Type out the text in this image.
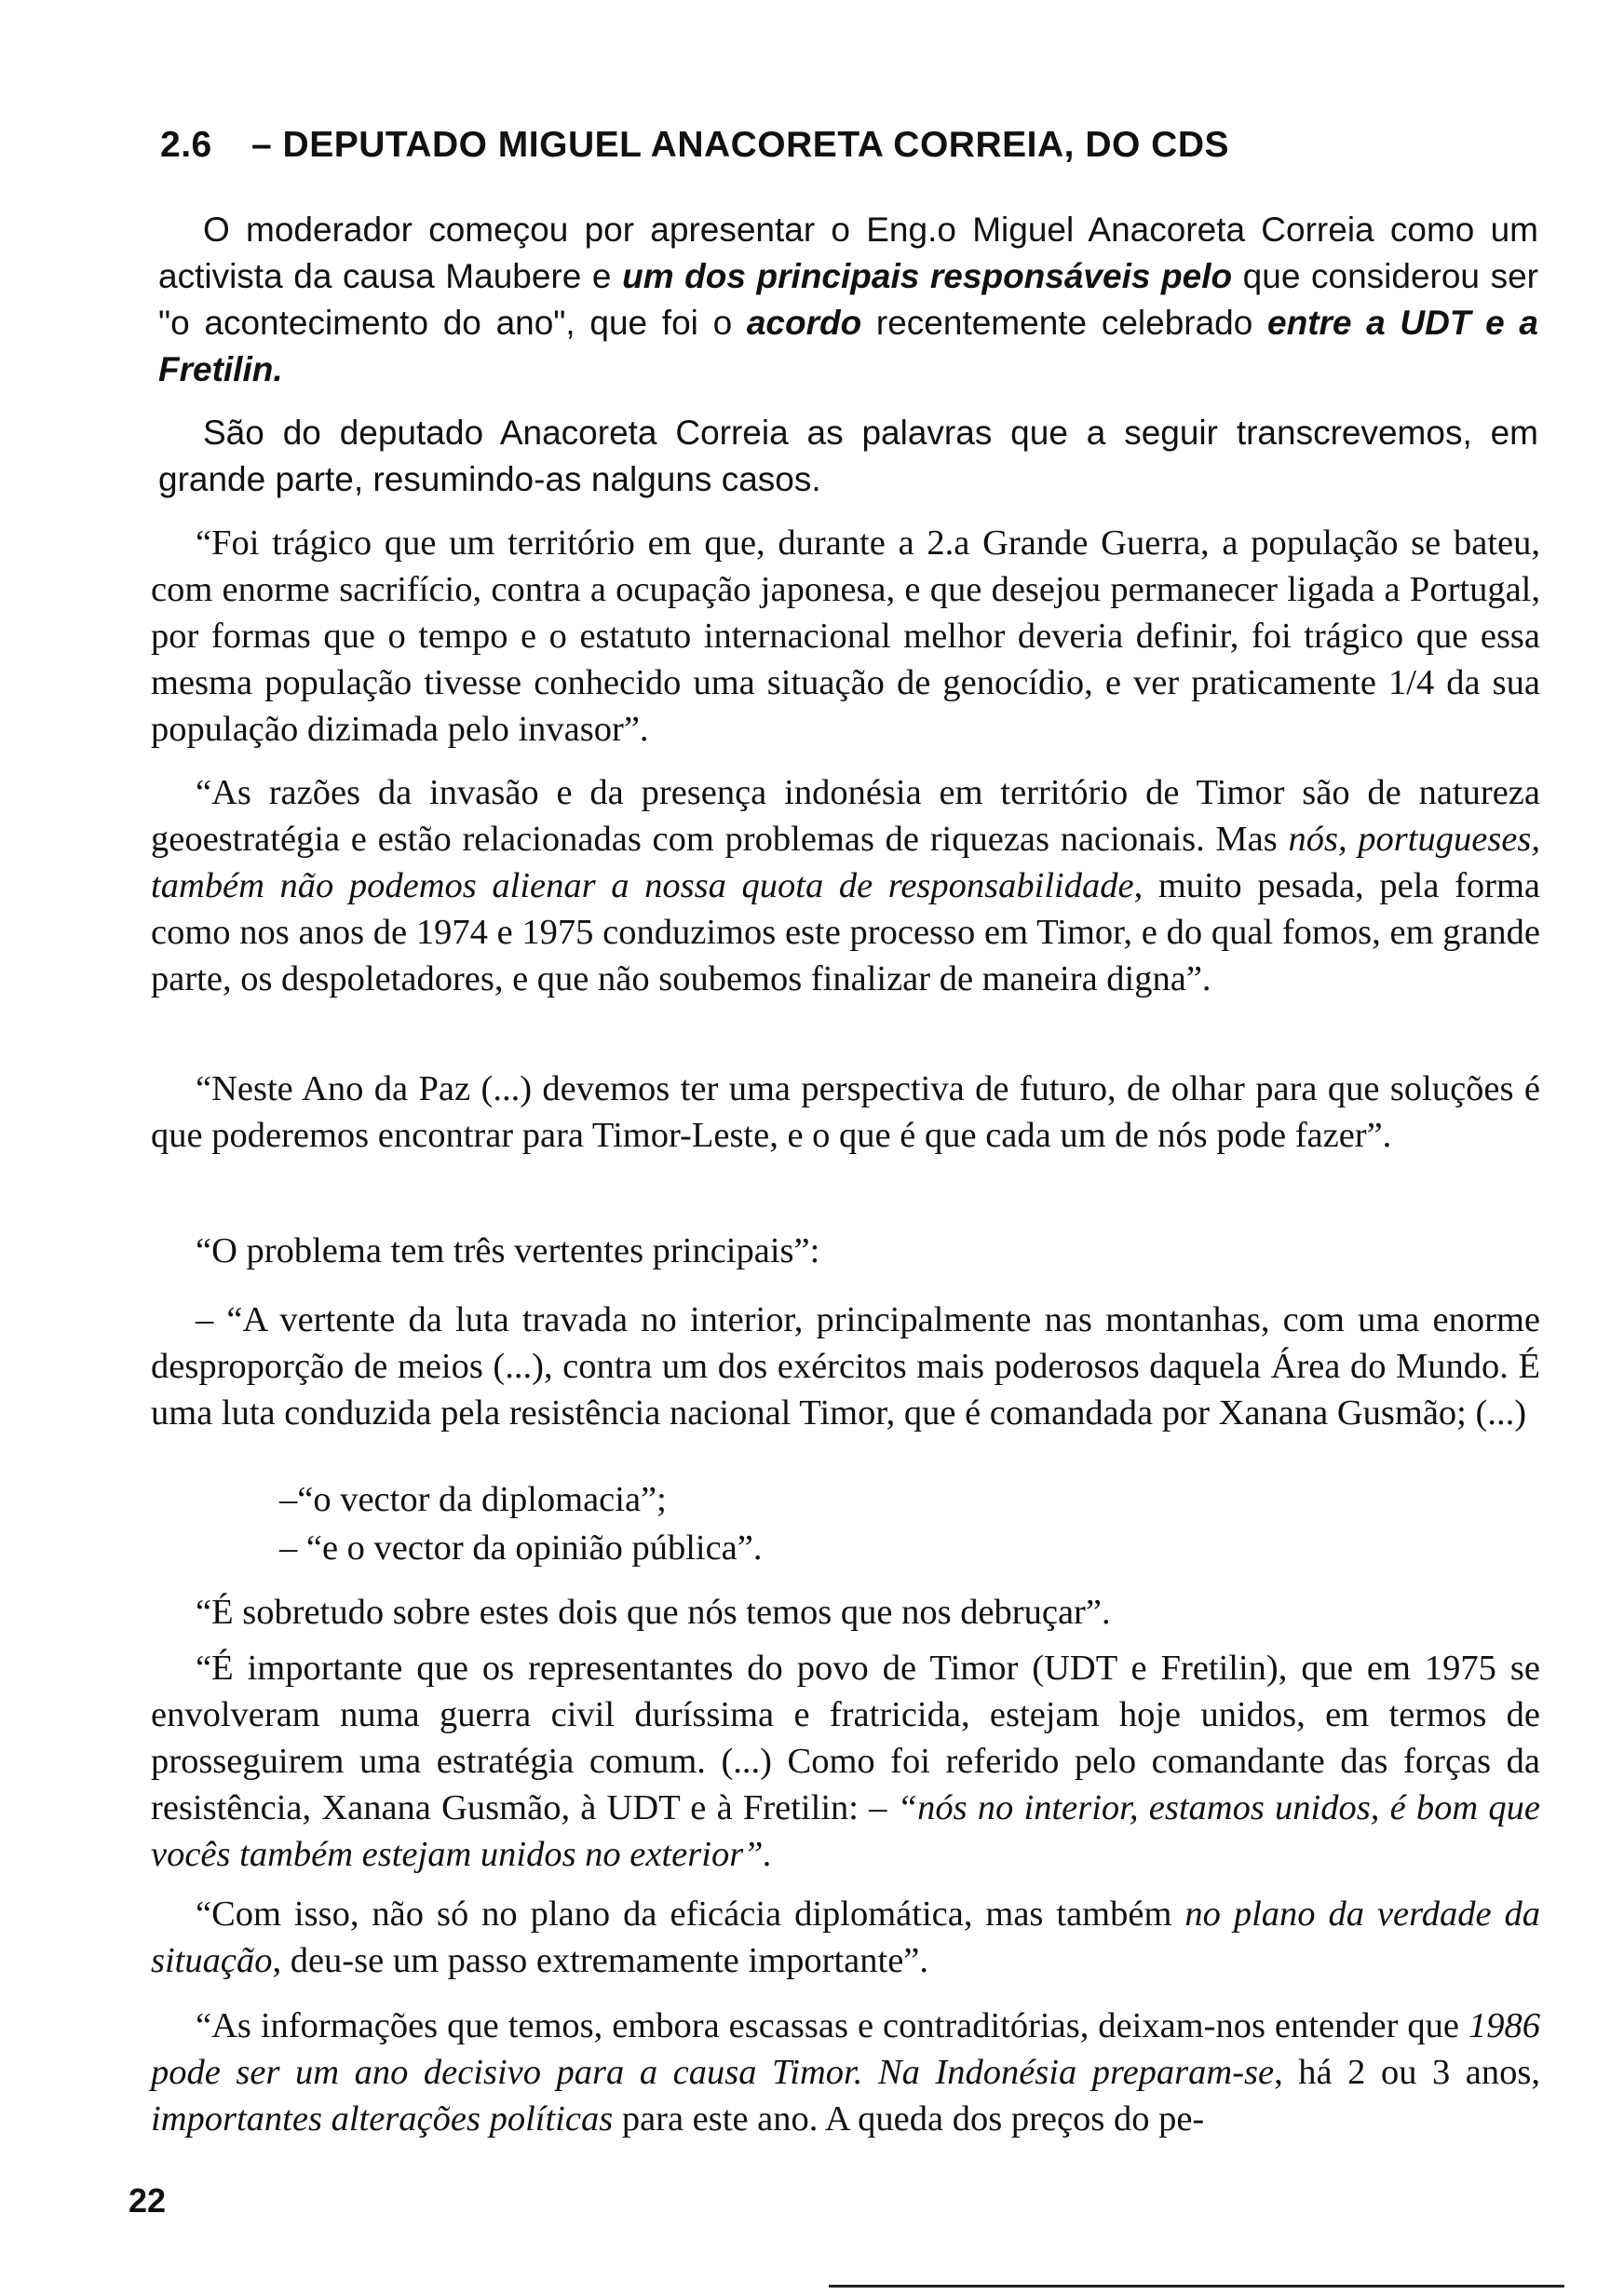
2.6 – DEPUTADO MIGUEL ANACORETA CORREIA, DO CDS

O moderador começou por apresentar o Eng.o Miguel Anacoreta Correia como um activista da causa Maubere e um dos principais responsáveis pelo que considerou ser "o acontecimento do ano", que foi o acordo recentemente celebrado entre a UDT e a Fretilin.

São do deputado Anacoreta Correia as palavras que a seguir transcrevemos, em grande parte, resumindo-as nalguns casos.

“Foi trágico que um território em que, durante a 2.a Grande Guerra, a população se bateu, com enorme sacrifício, contra a ocupação japonesa, e que desejou permanecer ligada a Portugal, por formas que o tempo e o estatuto internacional melhor deveria definir, foi trágico que essa mesma população tivesse conhecido uma situação de genocídio, e ver praticamente 1/4 da sua população dizimada pelo invasor”.

“As razões da invasão e da presença indonésia em território de Timor são de natureza geoestratégia e estão relacionadas com problemas de riquezas nacionais. Mas nós, portugueses, também não podemos alienar a nossa quota de responsabilidade, muito pesada, pela forma como nos anos de 1974 e 1975 conduzimos este processo em Timor, e do qual fomos, em grande parte, os despoletadores, e que não soubemos finalizar de maneira digna”.

“Neste Ano da Paz (...) devemos ter uma perspectiva de futuro, de olhar para que soluções é que poderemos encontrar para Timor-Leste, e o que é que cada um de nós pode fazer”.

“O problema tem três vertentes principais”:

– “A vertente da luta travada no interior, principalmente nas montanhas, com uma enorme desproporção de meios (...), contra um dos exércitos mais poderosos daquela Área do Mundo. É uma luta conduzida pela resistência nacional Timor, que é comandada por Xanana Gusmão; (...)

–“o vector da diplomacia”;
– “e o vector da opinião pública”.

“É sobretudo sobre estes dois que nós temos que nos debruçar”.

“É importante que os representantes do povo de Timor (UDT e Fretilin), que em 1975 se envolveram numa guerra civil duríssima e fratricida, estejam hoje unidos, em termos de prosseguirem uma estratégia comum. (...) Como foi referido pelo comandante das forças da resistência, Xanana Gusmão, à UDT e à Fretilin: – “nós no interior, estamos unidos, é bom que vocês também estejam unidos no exterior”.

“Com isso, não só no plano da eficácia diplomática, mas também no plano da verdade da situação, deu-se um passo extremamente importante”.

“As informações que temos, embora escassas e contraditórias, deixam-nos entender que 1986 pode ser um ano decisivo para a causa Timor. Na Indonésia preparam-se, há 2 ou 3 anos, importantes alterações políticas para este ano. A queda dos preços do pe-

22
